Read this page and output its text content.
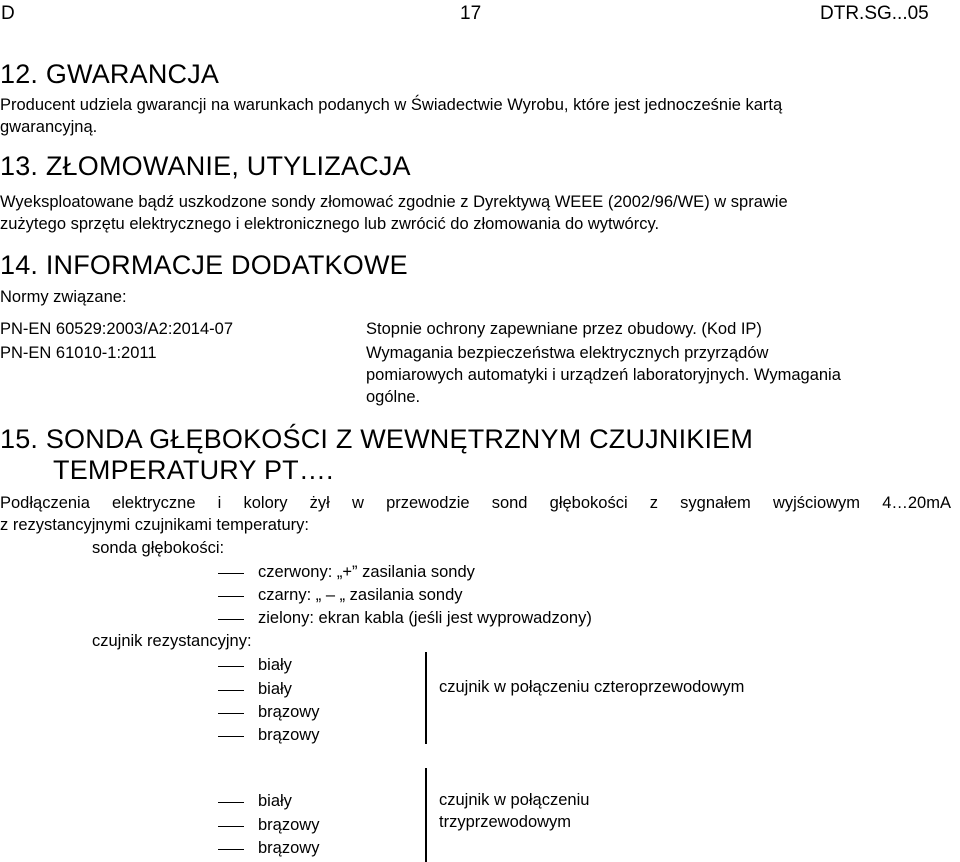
D	17	DTR.SG...05
12. GWARANCJA

Producent udziela gwarancji na warunkach podanych w Świadectwie Wyrobu, które jest jednocześnie kartą

gwarancyjną.

13. ZŁOMOWANIE, UTYLIZACJA

Wyeksploatowane bądź uszkodzone sondy złomować zgodnie z Dyrektywą WEEE (2002/96/WE) w sprawie

zużytego sprzętu elektrycznego i elektronicznego lub zwrócić do złomowania do wytwórcy.

14. INFORMACJE DODATKOWE

Normy związane:

PN-EN 60529:2003/A2:2014-07	Stopnie ochrony zapewniane przez obudowy. (Kod IP)

PN-EN 61010-1:2011	Wymagania bezpieczeństwa elektrycznych przyrządów

pomiarowych automatyki i urządzeń laboratoryjnych. Wymagania

ogólne.

15. SONDA GŁĘBOKOŚCI Z WEWNĘTRZNYM CZUJNIKIEM
TEMPERATURY PT….

Podłączenia elektryczne i kolory żył w przewodzie sond głębokości z sygnałem wyjściowym 4…20mA

z rezystancyjnymi czujnikami temperatury:

sonda głębokości:

czerwony: „+” zasilania sondy

czarny: „ – „ zasilania sondy

zielony: ekran kabla (jeśli jest wyprowadzony)

czujnik rezystancyjny:

biały

biały

brązowy

brązowy

czujnik w połączeniu czteroprzewodowym

biały

brązowy

brązowy

czujnik w połączeniu

trzyprzewodowym
